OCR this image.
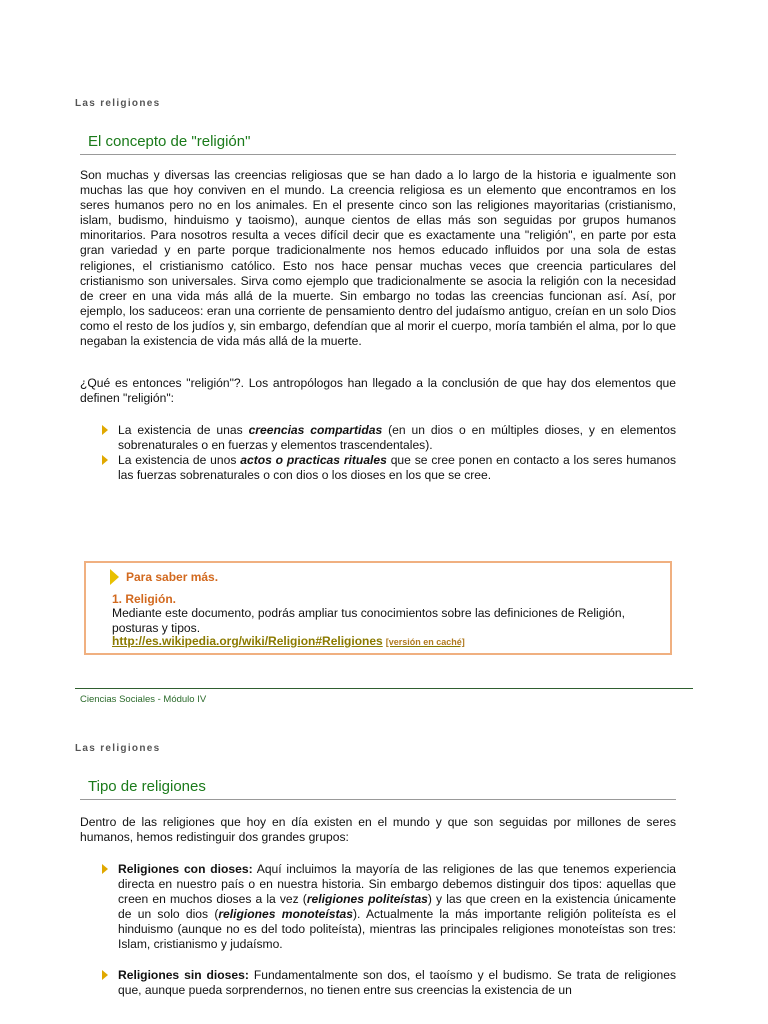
Las religiones
El concepto de "religión"

Son muchas y diversas las creencias religiosas que se han dado a lo largo de la historia e igualmente son muchas las que hoy conviven en el mundo. La creencia religiosa es un elemento que encontramos en los seres humanos pero no en los animales. En el presente cinco son las religiones mayoritarias (cristianismo, islam, budismo, hinduismo y taoismo), aunque cientos de ellas más son seguidas por grupos humanos minoritarios. Para nosotros resulta a veces difícil decir que es exactamente una "religión", en parte por esta gran variedad y en parte porque tradicionalmente nos hemos educado influidos por una sola de estas religiones, el cristianismo católico. Esto nos hace pensar muchas veces que creencia particulares del cristianismo son universales. Sirva como ejemplo que tradicionalmente se asocia la religión con la necesidad de creer en una vida más allá de la muerte. Sin embargo no todas las creencias funcionan así. Así, por ejemplo, los saduceos: eran una corriente de pensamiento dentro del judaísmo antiguo, creían en un solo Dios como el resto de los judíos y, sin embargo, defendían que al morir el cuerpo, moría también el alma, por lo que negaban la existencia de vida más allá de la muerte.

¿Qué es entonces "religión"?. Los antropólogos han llegado a la conclusión de que hay dos elementos que definen "religión":

La existencia de unas creencias compartidas (en un dios o en múltiples dioses, y en elementos sobrenaturales o en fuerzas y elementos trascendentales).
La existencia de unos actos o practicas rituales que se cree ponen en contacto a los seres humanos las fuerzas sobrenaturales o con dios o los dioses en los que se cree.
Para saber más.
1. Religión.
Mediante este documento, podrás ampliar tus conocimientos sobre las definiciones de Religión, posturas y tipos.
http://es.wikipedia.org/wiki/Religion#Religiones [versión en caché]
Ciencias Sociales - Módulo IV
Las religiones
Tipo de religiones

Dentro de las religiones que hoy en día existen en el mundo y que son seguidas por millones de seres humanos, hemos redistinguir dos grandes grupos:

Religiones con dioses: Aquí incluimos la mayoría de las religiones de las que tenemos experiencia directa en nuestro país o en nuestra historia. Sin embargo debemos distinguir dos tipos: aquellas que creen en muchos dioses a la vez (religiones politeístas) y las que creen en la existencia únicamente de un solo dios (religiones monoteístas). Actualmente la más importante religión politeísta es el hinduismo (aunque no es del todo politeísta), mientras las principales religiones monoteístas son tres: Islam, cristianismo y judaísmo.
Religiones sin dioses: Fundamentalmente son dos, el taoísmo y el budismo. Se trata de religiones que, aunque pueda sorprendernos, no tienen entre sus creencias la existencia de un
